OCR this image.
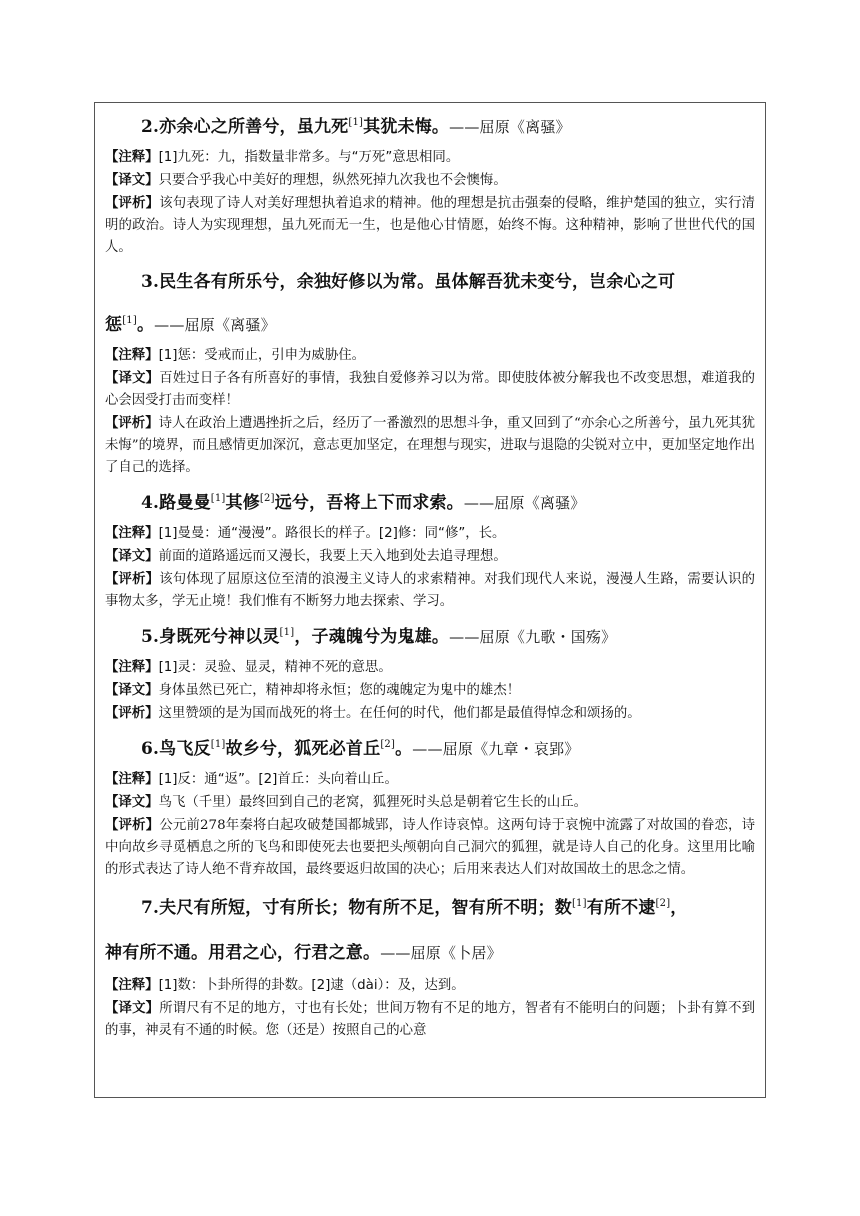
2.亦余心之所善兮，虽九死[1]其犹未悔。——屈原《离骚》

【注释】[1]九死：九，指数量非常多。与“万死”意思相同。

【译文】只要合乎我心中美好的理想，纵然死掉九次我也不会懊悔。

【评析】该句表现了诗人对美好理想执着追求的精神。他的理想是抗击强秦的侵略，维护楚国的独立，实行清明的政治。诗人为实现理想，虽九死而无一生，也是他心甘情愿，始终不悔。这种精神，影响了世世代代的国人。

3.民生各有所乐兮，余独好修以为常。虽体解吾犹未变兮，岂余心之可

惩[1]。——屈原《离骚》

【注释】[1]惩：受戒而止，引申为威胁住。

【译文】百姓过日子各有所喜好的事情，我独自爱修养习以为常。即使肢体被分解我也不改变思想，难道我的心会因受打击而变样！

【评析】诗人在政治上遭遇挫折之后，经历了一番激烈的思想斗争，重又回到了“亦余心之所善兮，虽九死其犹未悔”的境界，而且感情更加深沉，意志更加坚定，在理想与现实，进取与退隐的尖锐对立中，更加坚定地作出了自己的选择。

4.路曼曼[1]其修[2]远兮，吾将上下而求索。——屈原《离骚》

【注释】[1]曼曼：通“漫漫”。路很长的样子。[2]修：同“修”，长。

【译文】前面的道路遥远而又漫长，我要上天入地到处去追寻理想。

【评析】该句体现了屈原这位至清的浪漫主义诗人的求索精神。对我们现代人来说，漫漫人生路，需要认识的事物太多，学无止境！我们惟有不断努力地去探索、学习。

5.身既死兮神以灵[1]，子魂魄兮为鬼雄。——屈原《九歌・国殇》

【注释】[1]灵：灵验、显灵，精神不死的意思。

【译文】身体虽然已死亡，精神却将永恒；您的魂魄定为鬼中的雄杰！

【评析】这里赞颂的是为国而战死的将士。在任何的时代，他们都是最值得悼念和颂扬的。

6.鸟飞反[1]故乡兮，狐死必首丘[2]。——屈原《九章・哀郢》

【注释】[1]反：通“返”。[2]首丘：头向着山丘。

【译文】鸟飞（千里）最终回到自己的老窝，狐狸死时头总是朝着它生长的山丘。

【评析】公元前278年秦将白起攻破楚国都城郢，诗人作诗哀悼。这两句诗于哀惋中流露了对故国的眷恋，诗中向故乡寻觅栖息之所的飞鸟和即使死去也要把头颅朝向自己洞穴的狐狸，就是诗人自己的化身。这里用比喻的形式表达了诗人绝不背弃故国，最终要返归故国的决心；后用来表达人们对故国故土的思念之情。

7.夫尺有所短，寸有所长；物有所不足，智有所不明；数[1]有所不逮[2]，

神有所不通。用君之心，行君之意。——屈原《卜居》

【注释】[1]数：卜卦所得的卦数。[2]逮（dài）：及，达到。

【译文】所谓尺有不足的地方，寸也有长处；世间万物有不足的地方，智者有不能明白的问题；卜卦有算不到的事，神灵有不通的时候。您（还是）按照自己的心意
